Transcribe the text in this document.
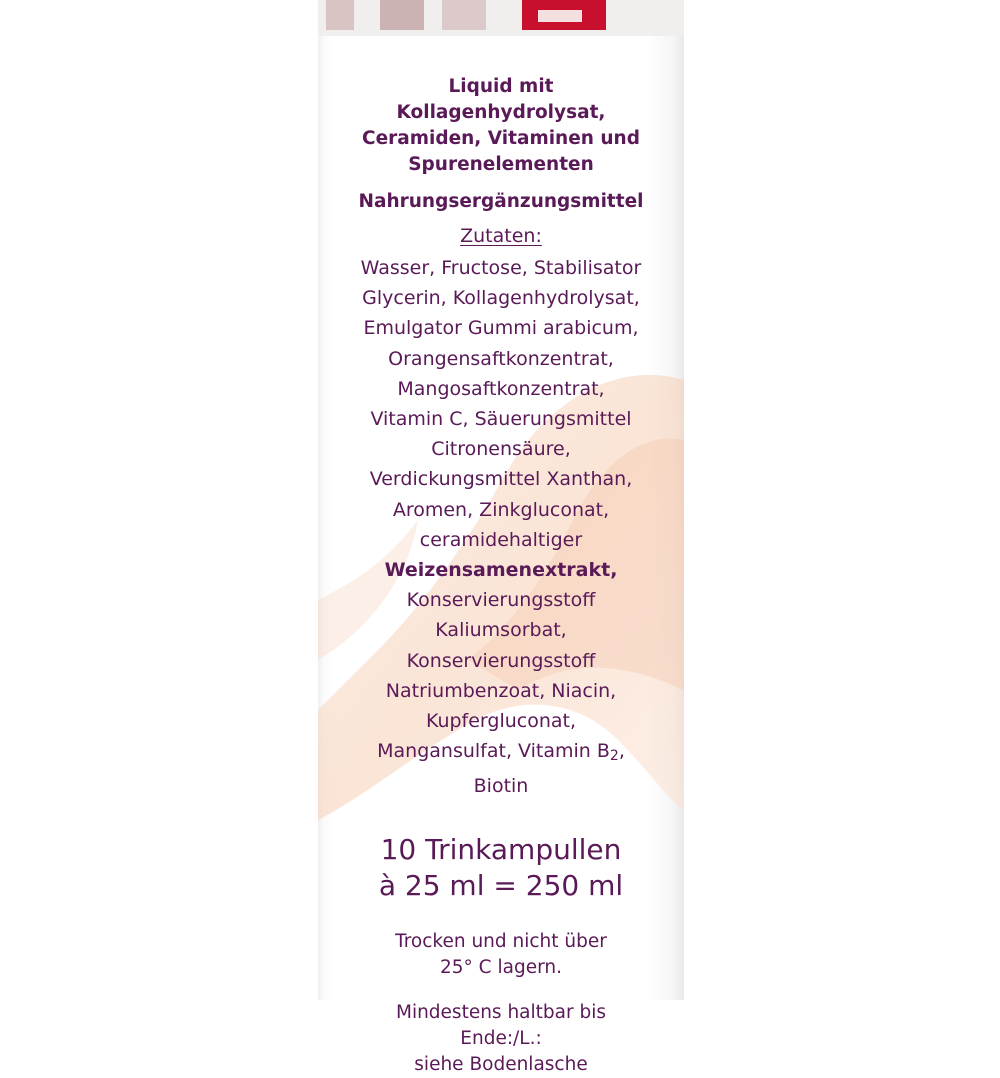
Liquid mit
Kollagenhydrolysat,
Ceramiden, Vitaminen und
Spurenelementen
Nahrungsergänzungsmittel
Zutaten:
Wasser, Fructose, Stabilisator
Glycerin, Kollagenhydrolysat,
Emulgator Gummi arabicum,
Orangensaftkonzentrat,
Mangosaftkonzentrat,
Vitamin C, Säuerungsmittel
Citronensäure,
Verdickungsmittel Xanthan,
Aromen, Zinkgluconat,
ceramidehaltiger
Weizensamenextrakt,
Konservierungsstoff
Kaliumsorbat,
Konservierungsstoff
Natriumbenzoat, Niacin,
Kupfergluconat,
Mangansulfat, Vitamin $B_2$,
Biotin
10 Trinkampullen
à 25 ml = 250 ml
Trocken und nicht über
25° C lagern.
Mindestens haltbar bis
Ende:/L.:
siehe Bodenlasche
